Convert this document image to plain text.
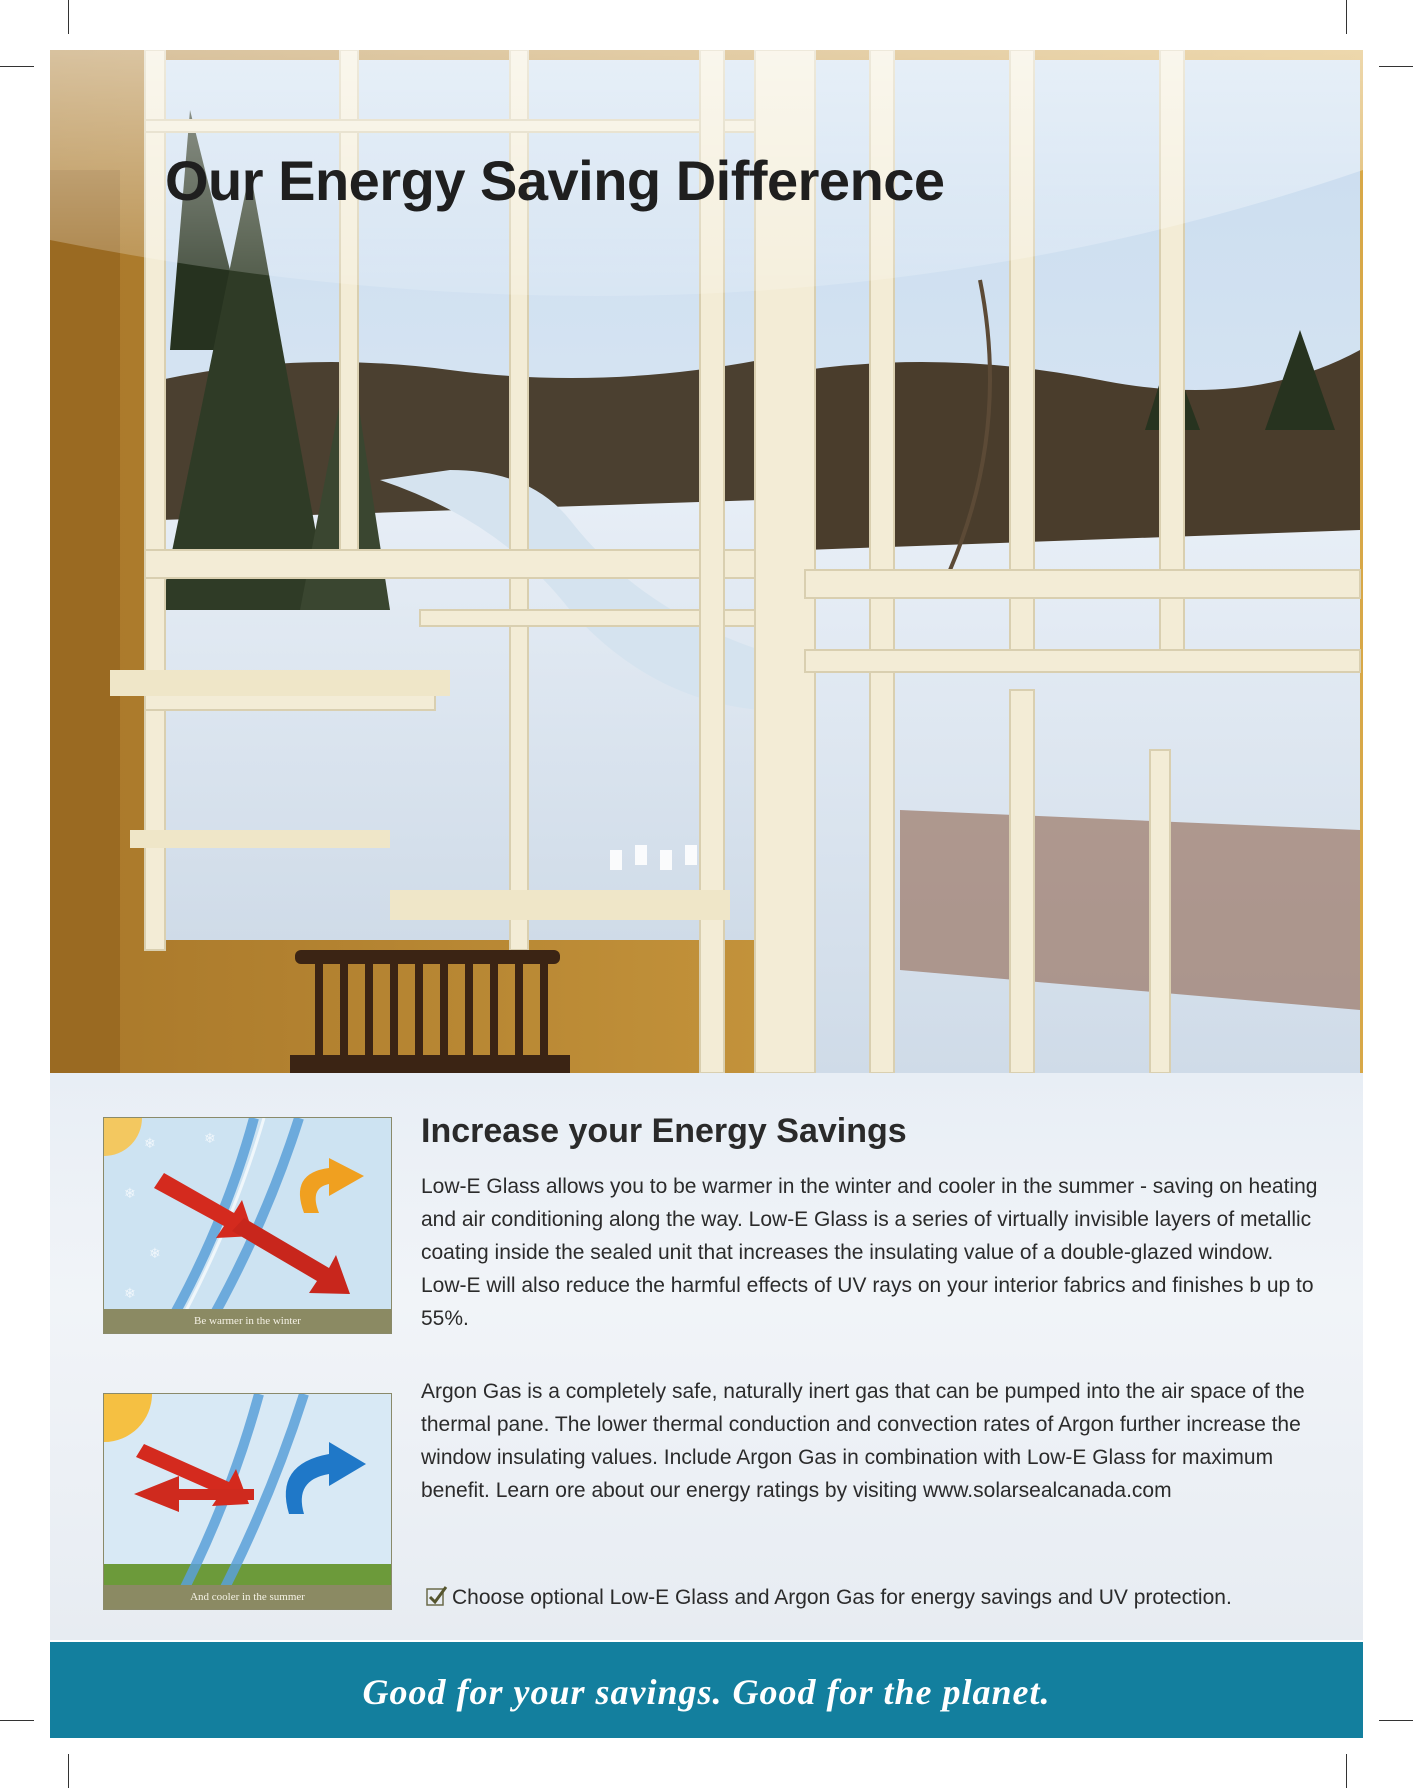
Our Energy Saving Difference
❄	❄
❄
❄
❄
Be warmer in the winter
And cooler in the summer
Increase your Energy Savings

Low-E Glass allows you to be warmer in the winter and cooler in the summer - saving on heating and air conditioning along the way. Low-E Glass is a series of virtually invisible layers of metallic coating inside the sealed unit that increases the insulating value of a double-glazed window. Low-E will also reduce the harmful effects of UV rays on your interior fabrics and finishes b up to 55%.

Argon Gas is a completely safe, naturally inert gas that can be pumped into the air space of the thermal pane. The lower thermal conduction and convection rates of Argon further increase the window insulating values. Include Argon Gas in combination with Low-E Glass for maximum benefit. Learn ore about our energy ratings by visiting www.solarsealcanada.com

Choose optional Low-E Glass and Argon Gas for energy savings and UV protection.

Good for your savings. Good for the planet.
